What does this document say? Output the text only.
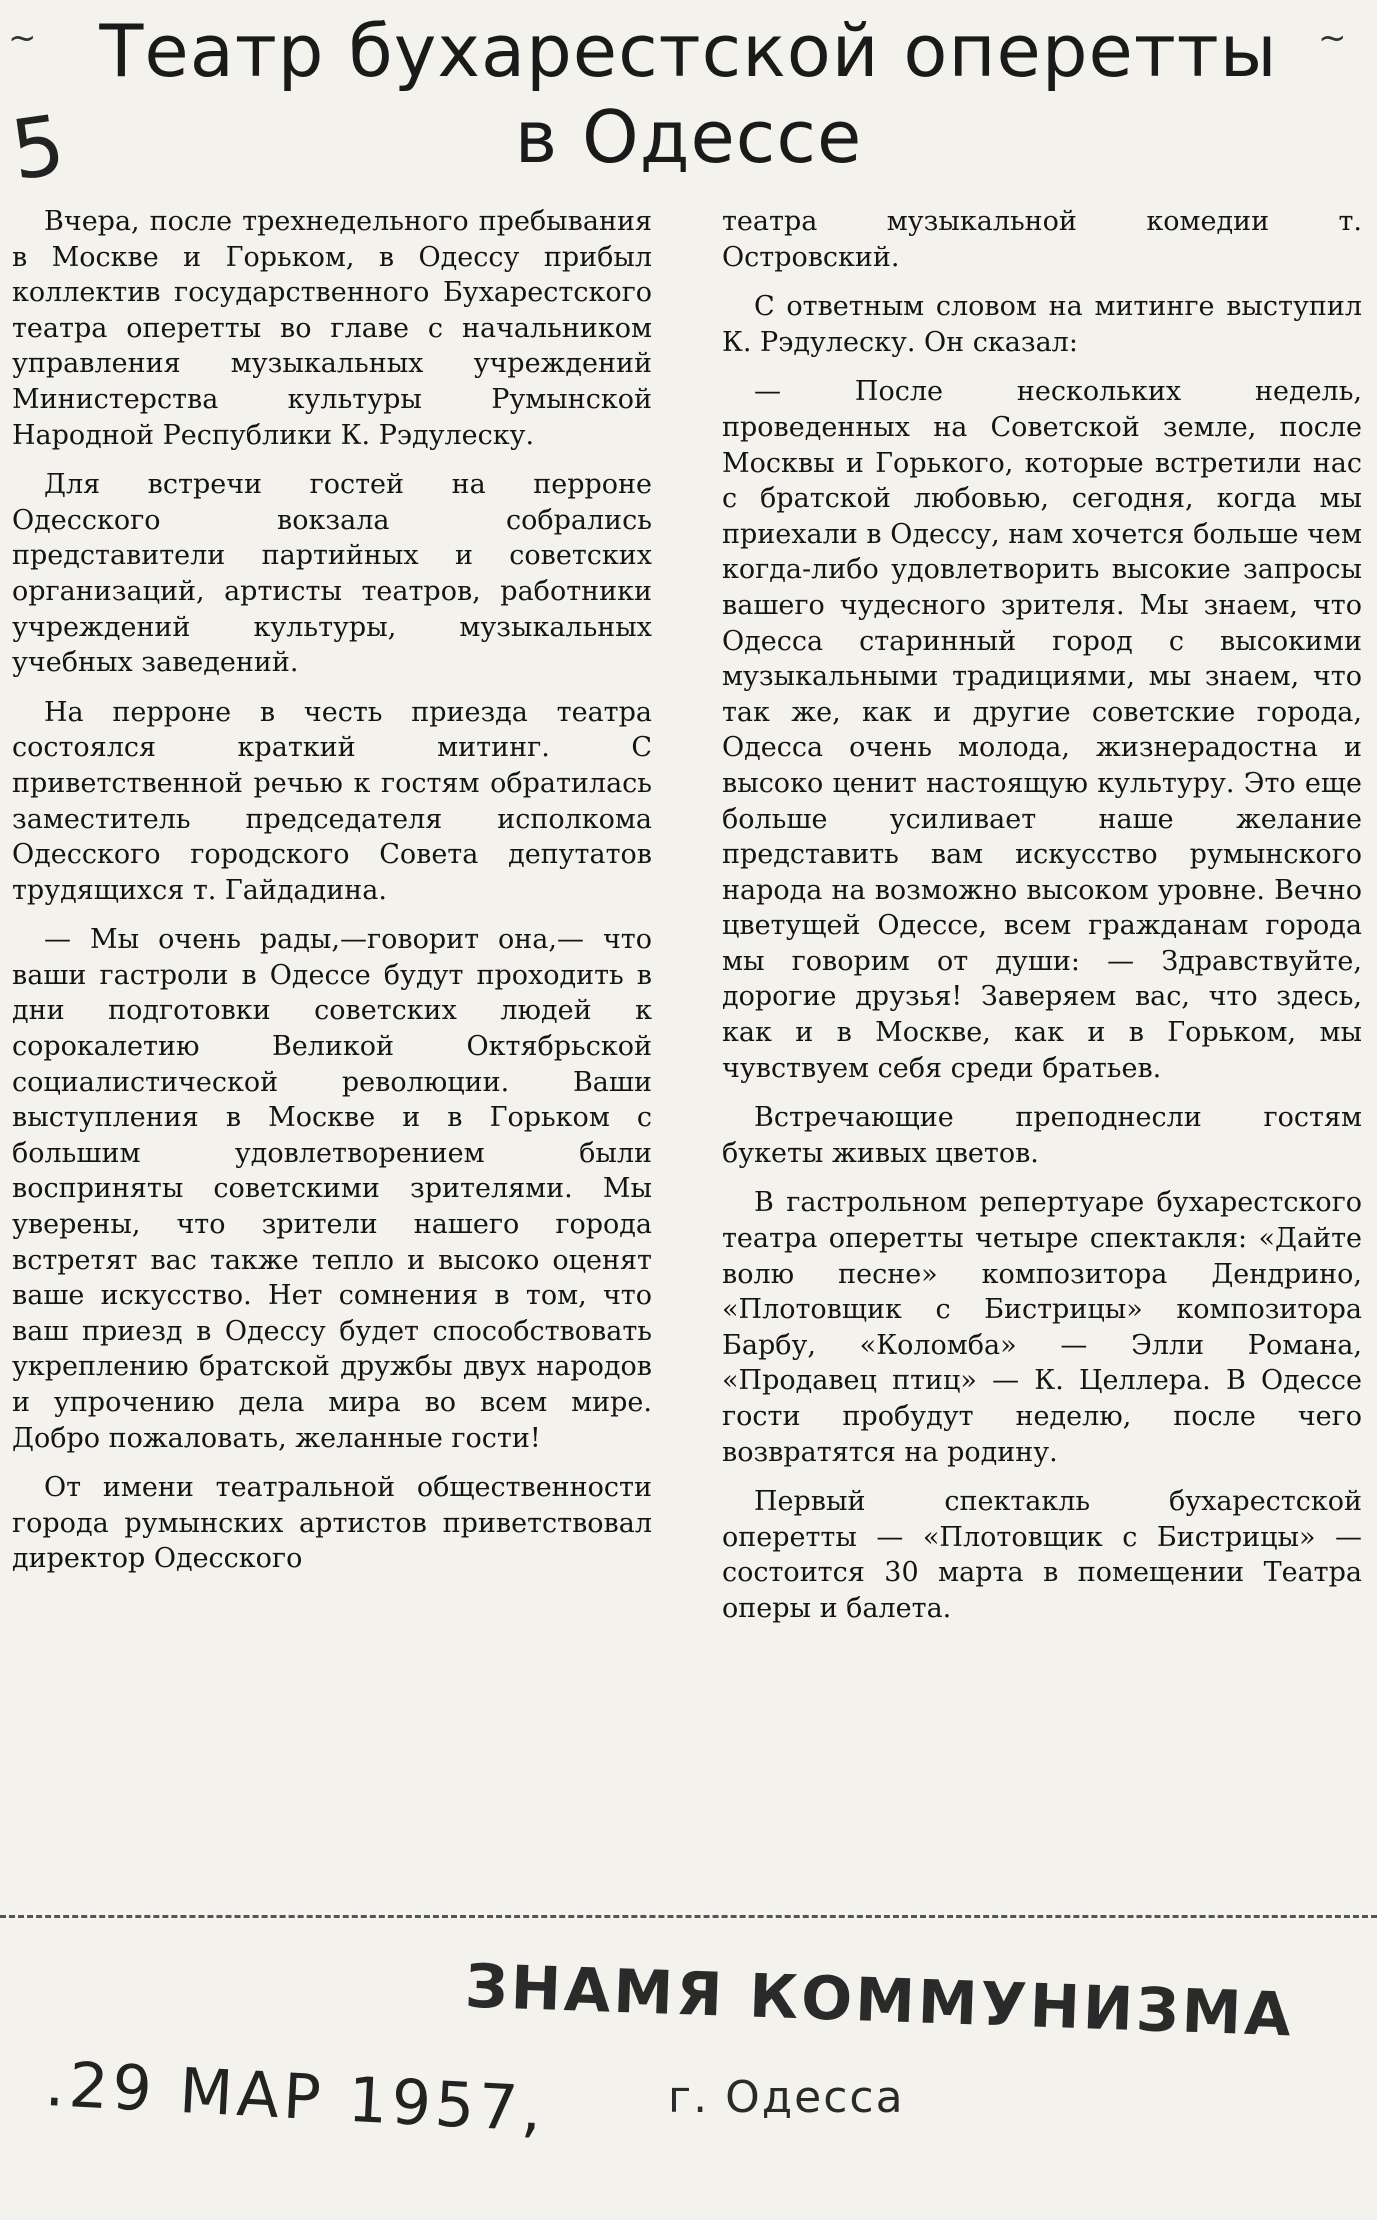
~	~
Театр бухарестской оперетты
в Одессе
5

Вчера, после трехнедельного пребывания в Москве и Горьком, в Одессу прибыл коллектив государственного Бухарестского театра оперетты во главе с начальником управления музыкальных учреждений Министерства культуры Румынской Народной Республики К. Рэдулеску.

Для встречи гостей на перроне Одесского вокзала собрались представители партийных и советских организаций, артисты театров, работники учреждений культуры, музыкальных учебных заведений.

На перроне в честь приезда театра состоялся краткий митинг. С приветственной речью к гостям обратилась заместитель председателя исполкома Одесского городского Совета депутатов трудящихся т. Гайдадина.

— Мы очень рады,—говорит она,— что ваши гастроли в Одессе будут проходить в дни подготовки советских людей к сорокалетию Великой Октябрьской социалистической революции. Ваши выступления в Москве и в Горьком с большим удовлетворением были восприняты советскими зрителями. Мы уверены, что зрители нашего города встретят вас также тепло и высоко оценят ваше искусство. Нет сомнения в том, что ваш приезд в Одессу будет способствовать укреплению братской дружбы двух народов и упрочению дела мира во всем мире. Добро пожаловать, желанные гости!

От имени театральной общественности города румынских артистов приветствовал директор Одесского

театра музыкальной комедии т. Островский.

С ответным словом на митинге выступил К. Рэдулеску. Он сказал:

— После нескольких недель, проведенных на Советской земле, после Москвы и Горького, которые встретили нас с братской любовью, сегодня, когда мы приехали в Одессу, нам хочется больше чем когда-либо удовлетворить высокие запросы вашего чудесного зрителя. Мы знаем, что Одесса старинный город с высокими музыкальными традициями, мы знаем, что так же, как и другие советские города, Одесса очень молода, жизнерадостна и высоко ценит настоящую культуру. Это еще больше усиливает наше желание представить вам искусство румынского народа на возможно высоком уровне. Вечно цветущей Одессе, всем гражданам города мы говорим от души: — Здравствуйте, дорогие друзья! Заверяем вас, что здесь, как и в Москве, как и в Горьком, мы чувствуем себя среди братьев.

Встречающие преподнесли гостям букеты живых цветов.

В гастрольном репертуаре бухарестского театра оперетты четыре спектакля: «Дайте волю песне» композитора Дендрино, «Плотовщик с Бистрицы» композитора Барбу, «Коломба» — Элли Романа, «Продавец птиц» — К. Целлера. В Одессе гости пробудут неделю, после чего возвратятся на родину.

Первый спектакль бухарестской оперетты — «Плотовщик с Бистрицы» — состоится 30 марта в помещении Театра оперы и балета.

ЗНАМЯ КОММУНИЗМА
г. Одесса
.29 МАР 1957,
